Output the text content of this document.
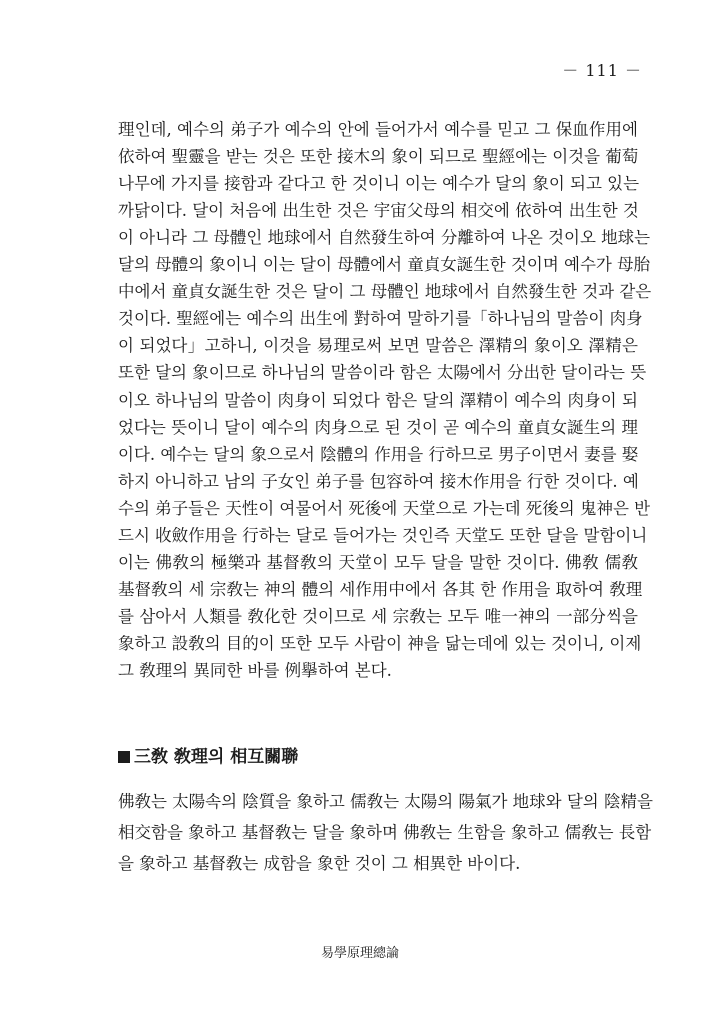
－ 111 －
理인데, 예수의 弟子가 예수의 안에 들어가서 예수를 믿고 그 保血作用에
依하여 聖靈을 받는 것은 또한 接木의 象이 되므로 聖經에는 이것을 葡萄
나무에 가지를 接함과 같다고 한 것이니 이는 예수가 달의 象이 되고 있는
까닭이다. 달이 처음에 出生한 것은 宇宙父母의 相交에 依하여 出生한 것
이 아니라 그 母體인 地球에서 自然發生하여 分離하여 나온 것이오 地球는
달의 母體의 象이니 이는 달이 母體에서 童貞女誕生한 것이며 예수가 母胎
中에서 童貞女誕生한 것은 달이 그 母體인 地球에서 自然發生한 것과 같은
것이다. 聖經에는 예수의 出生에 對하여 말하기를「하나님의 말씀이 肉身
이 되었다」고하니, 이것을 易理로써 보면 말씀은 澤精의 象이오 澤精은
또한 달의 象이므로 하나님의 말씀이라 함은 太陽에서 分出한 달이라는 뜻
이오 하나님의 말씀이 肉身이 되었다 함은 달의 澤精이 예수의 肉身이 되
었다는 뜻이니 달이 예수의 肉身으로 된 것이 곧 예수의 童貞女誕生의 理
이다. 예수는 달의 象으로서 陰體의 作用을 行하므로 男子이면서 妻를 娶
하지 아니하고 남의 子女인 弟子를 包容하여 接木作用을 行한 것이다. 예
수의 弟子들은 天性이 여물어서 死後에 天堂으로 가는데 死後의 鬼神은 반
드시 收斂作用을 行하는 달로 들어가는 것인즉 天堂도 또한 달을 말함이니
이는 佛敎의 極樂과 基督敎의 天堂이 모두 달을 말한 것이다. 佛敎 儒敎
基督敎의 세 宗敎는 神의 體의 세作用中에서 各其 한 作用을 取하여 敎理
를 삼아서 人類를 敎化한 것이므로 세 宗敎는 모두 唯一神의 一部分씩을
象하고 設敎의 目的이 또한 모두 사람이 神을 닮는데에 있는 것이니, 이제
그 敎理의 異同한 바를 例擧하여 본다.
三敎 敎理의 相互關聯
佛敎는 太陽속의 陰質을 象하고 儒敎는 太陽의 陽氣가 地球와 달의 陰精을
相交함을 象하고 基督敎는 달을 象하며 佛敎는 生함을 象하고 儒敎는 長함
을 象하고 基督敎는 成함을 象한 것이 그 相異한 바이다.
易學原理總論
